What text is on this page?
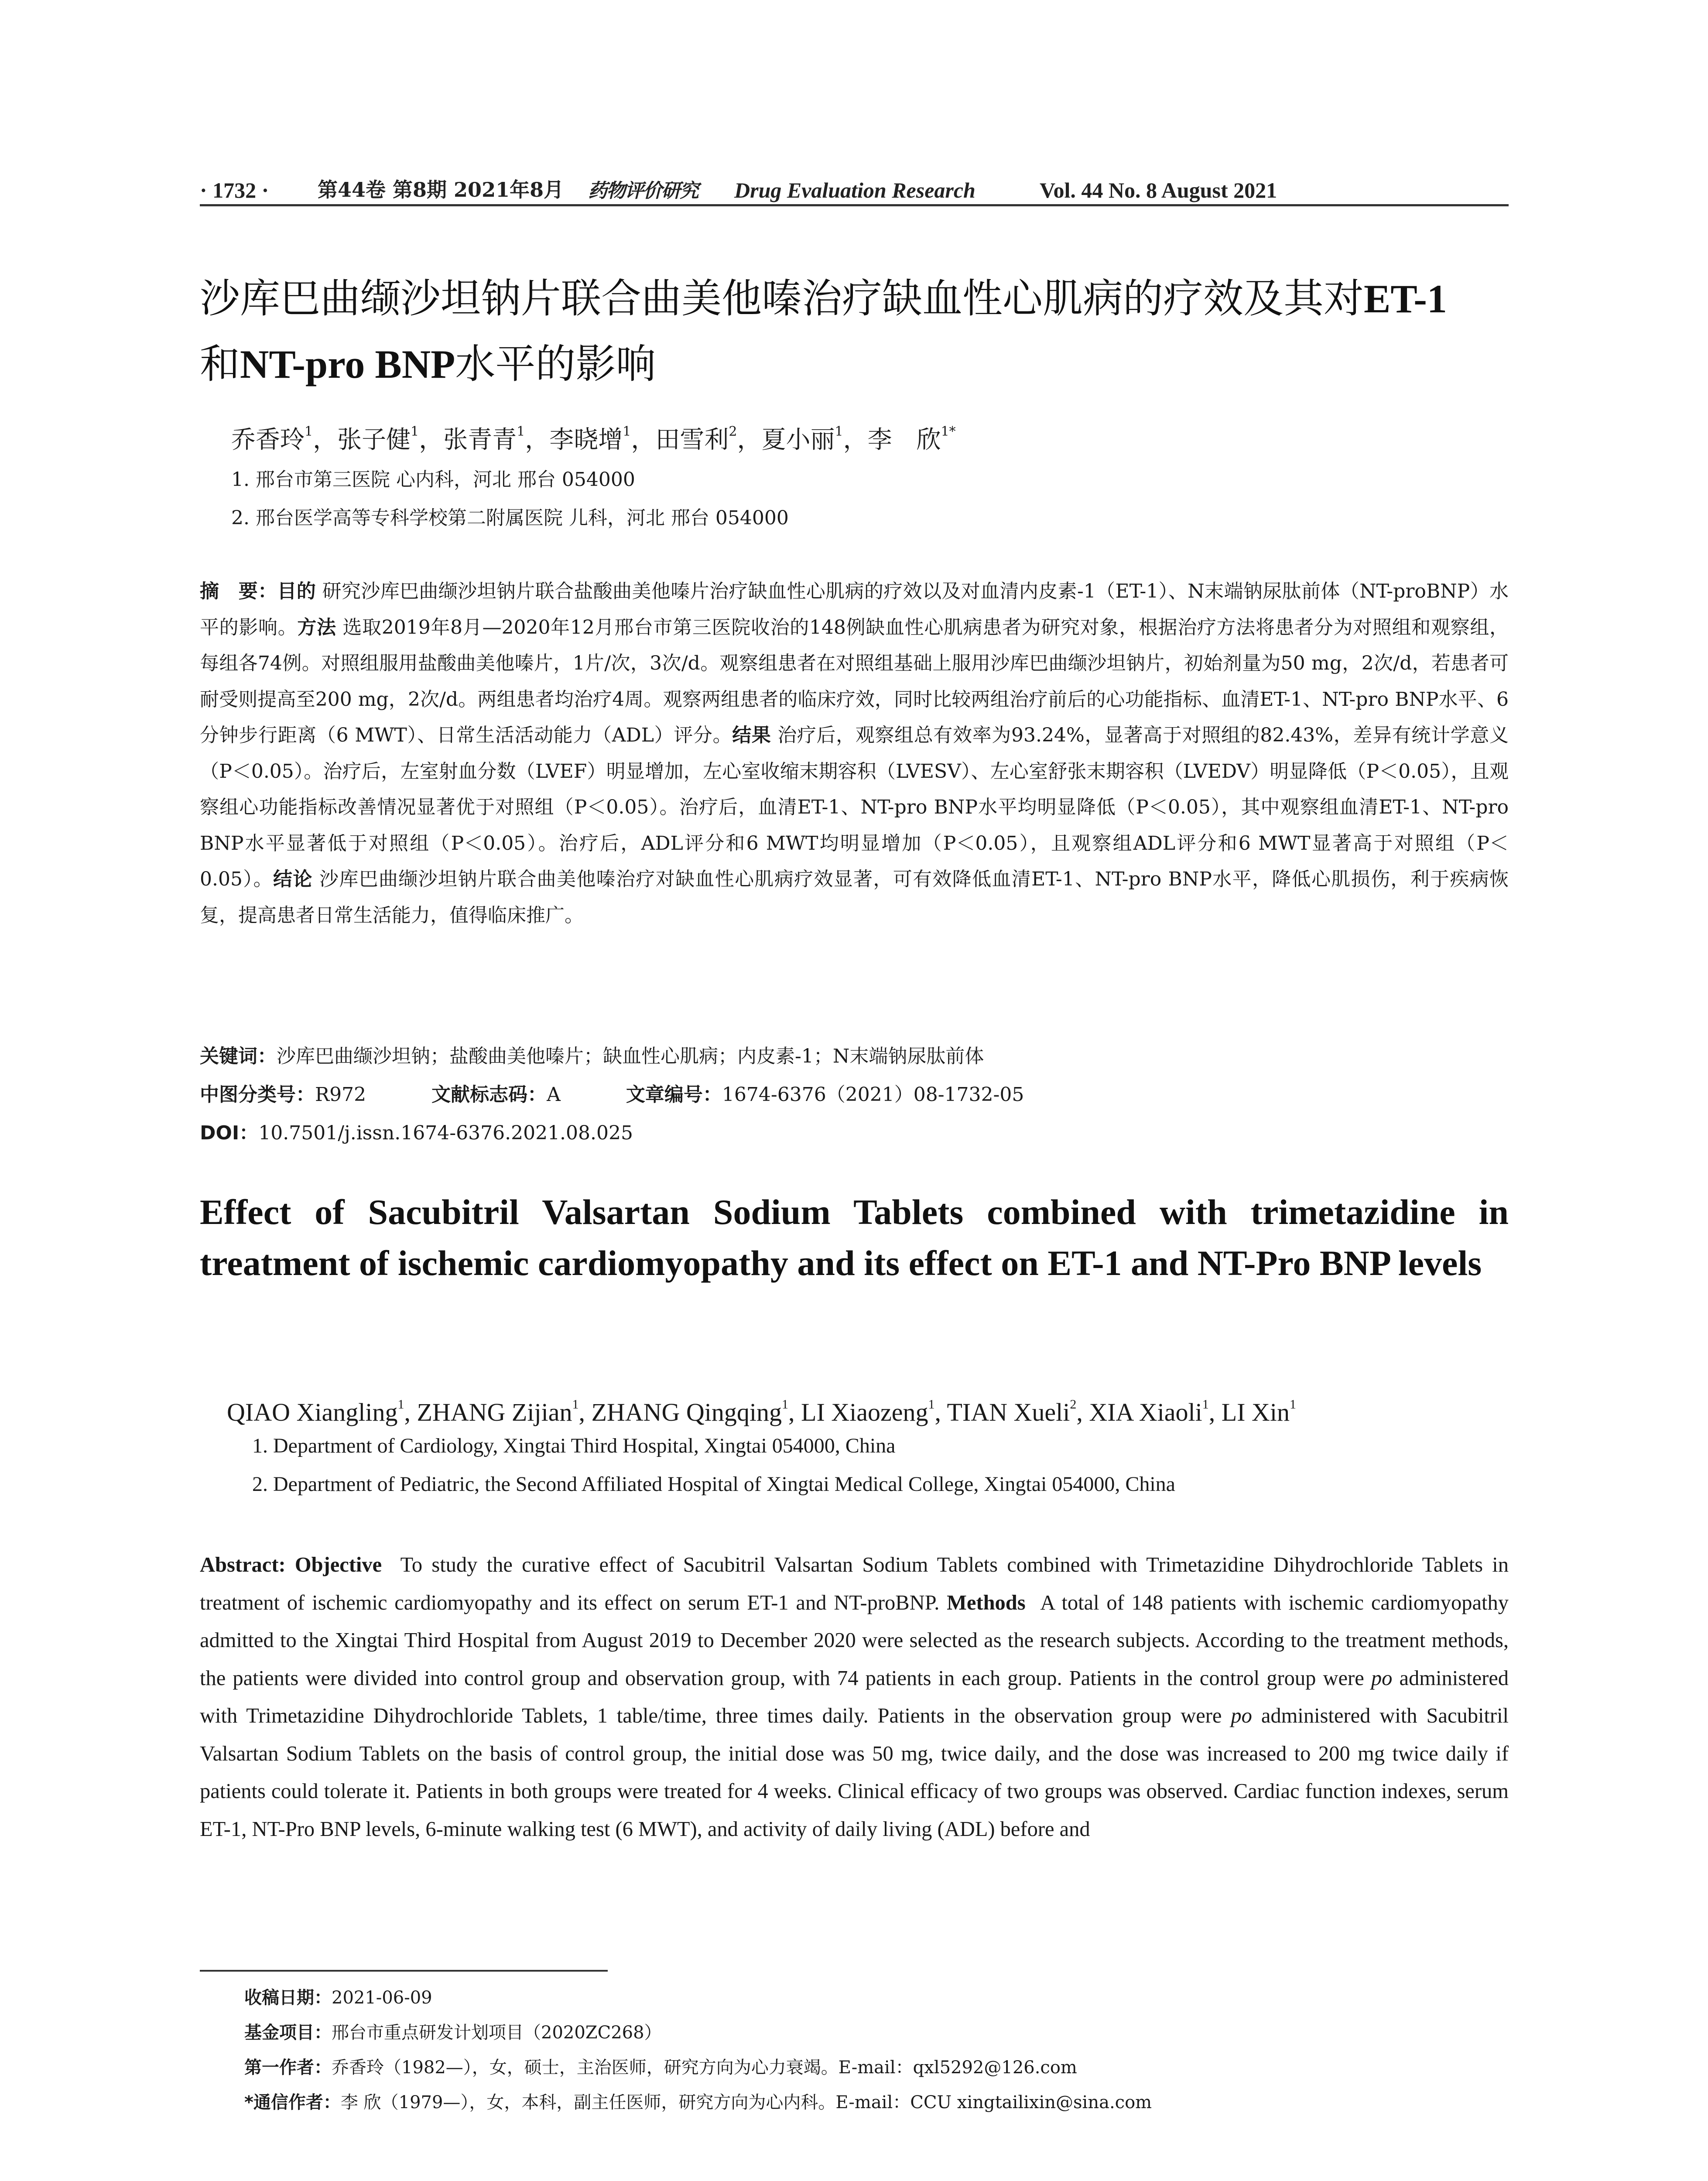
· 1732 ·	第44卷 第8期 2021年8月	药物评价研究	Drug Evaluation Research	Vol. 44 No. 8 August 2021
沙库巴曲缬沙坦钠片联合曲美他嗪治疗缺血性心肌病的疗效及其对ET-1
和NT-pro BNP水平的影响
乔香玲$^1$，张子健$^1$，张青青$^1$，李晓增$^1$，田雪利$^2$，夏小丽$^1$，李　欣$^{1*}$
1. 邢台市第三医院 心内科，河北 邢台 054000
2. 邢台医学高等专科学校第二附属医院 儿科，河北 邢台 054000
摘　要：目的 研究沙库巴曲缬沙坦钠片联合盐酸曲美他嗪片治疗缺血性心肌病的疗效以及对血清内皮素-1（ET-1）、N末端钠尿肽前体（NT-proBNP）水平的影响。方法 选取2019年8月—2020年12月邢台市第三医院收治的148例缺血性心肌病患者为研究对象，根据治疗方法将患者分为对照组和观察组，每组各74例。对照组服用盐酸曲美他嗪片，1片/次，3次/d。观察组患者在对照组基础上服用沙库巴曲缬沙坦钠片，初始剂量为50 mg，2次/d，若患者可耐受则提高至200 mg，2次/d。两组患者均治疗4周。观察两组患者的临床疗效，同时比较两组治疗前后的心功能指标、血清ET-1、NT-pro BNP水平、6分钟步行距离（6 MWT）、日常生活活动能力（ADL）评分。结果 治疗后，观察组总有效率为93.24%，显著高于对照组的82.43%，差异有统计学意义（P＜0.05）。治疗后，左室射血分数（LVEF）明显增加，左心室收缩末期容积（LVESV）、左心室舒张末期容积（LVEDV）明显降低（P＜0.05），且观察组心功能指标改善情况显著优于对照组（P＜0.05）。治疗后，血清ET-1、NT-pro BNP水平均明显降低（P＜0.05），其中观察组血清ET-1、NT-pro BNP水平显著低于对照组（P＜0.05）。治疗后，ADL评分和6 MWT均明显增加（P＜0.05），且观察组ADL评分和6 MWT显著高于对照组（P＜0.05）。结论 沙库巴曲缬沙坦钠片联合曲美他嗪治疗对缺血性心肌病疗效显著，可有效降低血清ET-1、NT-pro BNP水平，降低心肌损伤，利于疾病恢复，提高患者日常生活能力，值得临床推广。
关键词：沙库巴曲缬沙坦钠；盐酸曲美他嗪片；缺血性心肌病；内皮素-1；N末端钠尿肽前体
中图分类号：R972	文献标志码：A	文章编号：1674-6376（2021）08-1732-05
DOI：10.7501/j.issn.1674-6376.2021.08.025
Effect of Sacubitril Valsartan Sodium Tablets combined with trimetazidine in treatment of ischemic cardiomyopathy and its effect on ET-1 and NT-Pro BNP levels
QIAO Xiangling$^1$, ZHANG Zijian$^1$, ZHANG Qingqing$^1$, LI Xiaozeng$^1$, TIAN Xueli$^2$, XIA Xiaoli$^1$, LI Xin$^1$
1. Department of Cardiology, Xingtai Third Hospital, Xingtai 054000, China
2. Department of Pediatric, the Second Affiliated Hospital of Xingtai Medical College, Xingtai 054000, China
Abstract: Objective To study the curative effect of Sacubitril Valsartan Sodium Tablets combined with Trimetazidine Dihydrochloride Tablets in treatment of ischemic cardiomyopathy and its effect on serum ET-1 and NT-proBNP. Methods A total of 148 patients with ischemic cardiomyopathy admitted to the Xingtai Third Hospital from August 2019 to December 2020 were selected as the research subjects. According to the treatment methods, the patients were divided into control group and observation group, with 74 patients in each group. Patients in the control group were po administered with Trimetazidine Dihydrochloride Tablets, 1 table/time, three times daily. Patients in the observation group were po administered with Sacubitril Valsartan Sodium Tablets on the basis of control group, the initial dose was 50 mg, twice daily, and the dose was increased to 200 mg twice daily if patients could tolerate it. Patients in both groups were treated for 4 weeks. Clinical efficacy of two groups was observed. Cardiac function indexes, serum ET-1, NT-Pro BNP levels, 6-minute walking test (6 MWT), and activity of daily living (ADL) before and
收稿日期：2021-06-09
基金项目：邢台市重点研发计划项目（2020ZC268）
第一作者：乔香玲（1982—），女，硕士，主治医师，研究方向为心力衰竭。E-mail：qxl5292@126.com
*通信作者：李 欣（1979—），女，本科，副主任医师，研究方向为心内科。E-mail：CCU xingtailixin@sina.com
